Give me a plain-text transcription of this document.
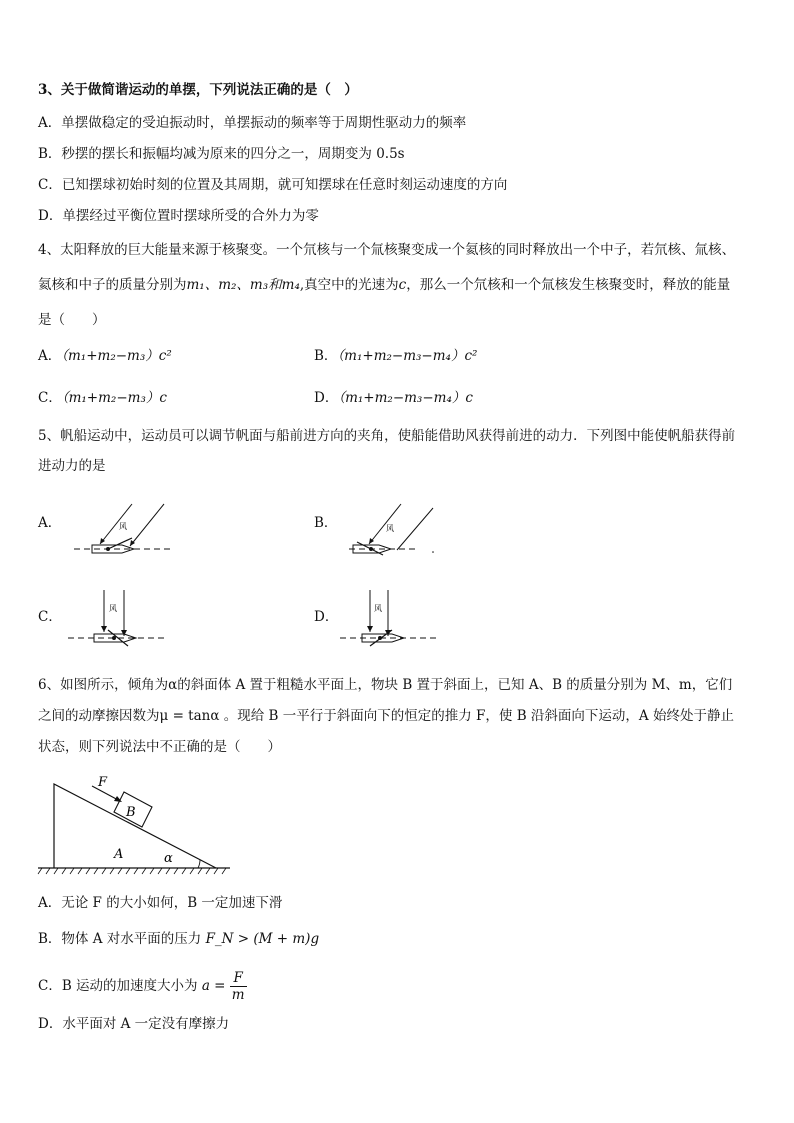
3、关于做简谐运动的单摆，下列说法正确的是（　）
A．单摆做稳定的受迫振动时，单摆振动的频率等于周期性驱动力的频率
B．秒摆的摆长和振幅均减为原来的四分之一，周期变为 0.5s
C．已知摆球初始时刻的位置及其周期，就可知摆球在任意时刻运动速度的方向
D．单摆经过平衡位置时摆球所受的合外力为零
4、太阳释放的巨大能量来源于核聚变。一个氘核与一个氚核聚变成一个氦核的同时释放出一个中子，若氘核、氚核、
氦核和中子的质量分别为m₁、m₂、m₃和m₄,真空中的光速为c，那么一个氘核和一个氚核发生核聚变时，释放的能量
是（　　）
A．（m₁+m₂−m₃）c²	B．（m₁+m₂−m₃−m₄）c²
C．（m₁+m₂−m₃）c	D．（m₁+m₂−m₃−m₄）c
5、帆船运动中，运动员可以调节帆面与船前进方向的夹角，使船能借助风获得前进的动力．下列图中能使帆船获得前
进动力的是
A．	B．
C．	D．
风	风
风	风
6、如图所示，倾角为α的斜面体 A 置于粗糙水平面上，物块 B 置于斜面上，已知 A、B 的质量分别为 M、m，它们
之间的动摩擦因数为μ = tanα 。现给 B 一平行于斜面向下的恒定的推力 F，使 B 沿斜面向下运动，A 始终处于静止
状态，则下列说法中不正确的是（　　）
F
B
A	α
A．无论 F 的大小如何，B 一定加速下滑
B．物体 A 对水平面的压力 F_N > (M + m)g
C．B 运动的加速度大小为 $a = \frac{F}{m}$
D．水平面对 A 一定没有摩擦力
